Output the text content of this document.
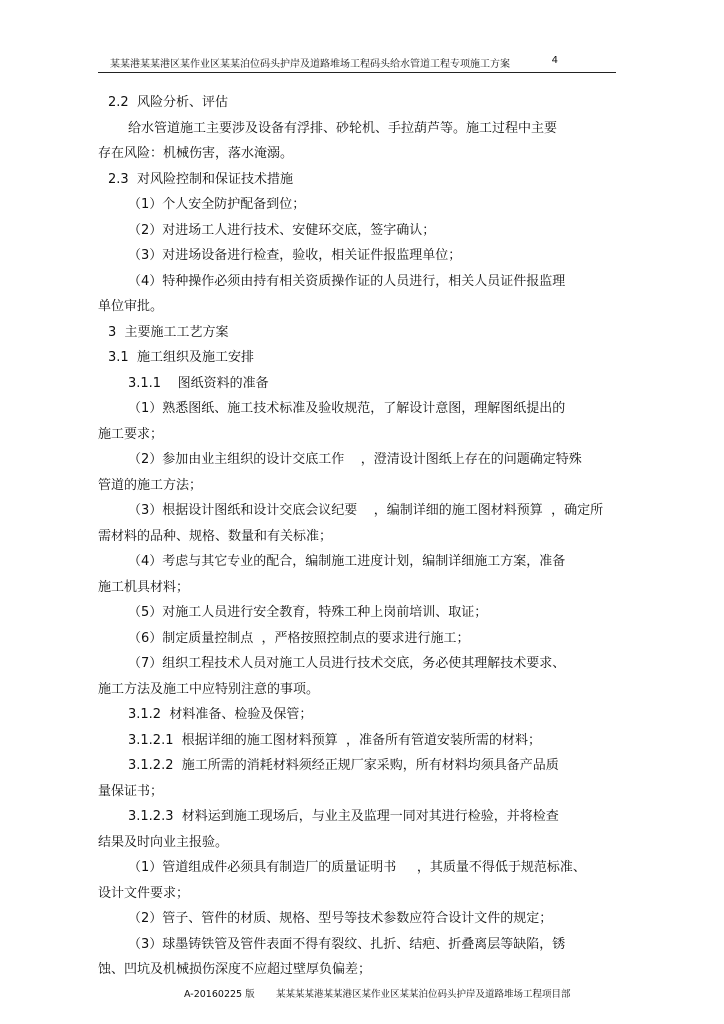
某某港某某港区某作业区某某泊位码头护岸及道路堆场工程码头给水管道工程专项施工方案	4
2.2  风险分析、评估
给水管道施工主要涉及设备有浮排、砂轮机、手拉葫芦等。施工过程中主要
存在风险：机械伤害，落水淹溺。
2.3  对风险控制和保证技术措施
（1）个人安全防护配备到位；
（2）对进场工人进行技术、安健环交底，签字确认；
（3）对进场设备进行检查，验收，相关证件报监理单位；
（4）特种操作必须由持有相关资质操作证的人员进行，相关人员证件报监理
单位审批。
3  主要施工工艺方案
3.1  施工组织及施工安排
3.1.1    图纸资料的准备
（1）熟悉图纸、施工技术标准及验收规范，了解设计意图，理解图纸提出的
施工要求；
（2）参加由业主组织的设计交底工作    ，澄清设计图纸上存在的问题确定特殊
管道的施工方法；
（3）根据设计图纸和设计交底会议纪要    ，编制详细的施工图材料预算  ，确定所
需材料的品种、规格、数量和有关标准；
（4）考虑与其它专业的配合，编制施工进度计划，编制详细施工方案，准备
施工机具材料；
（5）对施工人员进行安全教育，特殊工种上岗前培训、取证；
（6）制定质量控制点  ，严格按照控制点的要求进行施工；
（7）组织工程技术人员对施工人员进行技术交底，务必使其理解技术要求、
施工方法及施工中应特别注意的事项。
3.1.2  材料准备、检验及保管；
3.1.2.1  根据详细的施工图材料预算  ，准备所有管道安装所需的材料；
3.1.2.2  施工所需的消耗材料须经正规厂家采购，所有材料均须具备产品质
量保证书；
3.1.2.3  材料运到施工现场后，与业主及监理一同对其进行检验，并将检查
结果及时向业主报验。
（1）管道组成件必须具有制造厂的质量证明书     ，其质量不得低于规范标准、
设计文件要求；
（2）管子、管件的材质、规格、型号等技术参数应符合设计文件的规定；
（3）球墨铸铁管及管件表面不得有裂纹、扎折、结疤、折叠离层等缺陷，锈
蚀、凹坑及机械损伤深度不应超过壁厚负偏差；
A-20160225 版 某某某某港某某港区某作业区某某泊位码头护岸及道路堆场工程项目部
